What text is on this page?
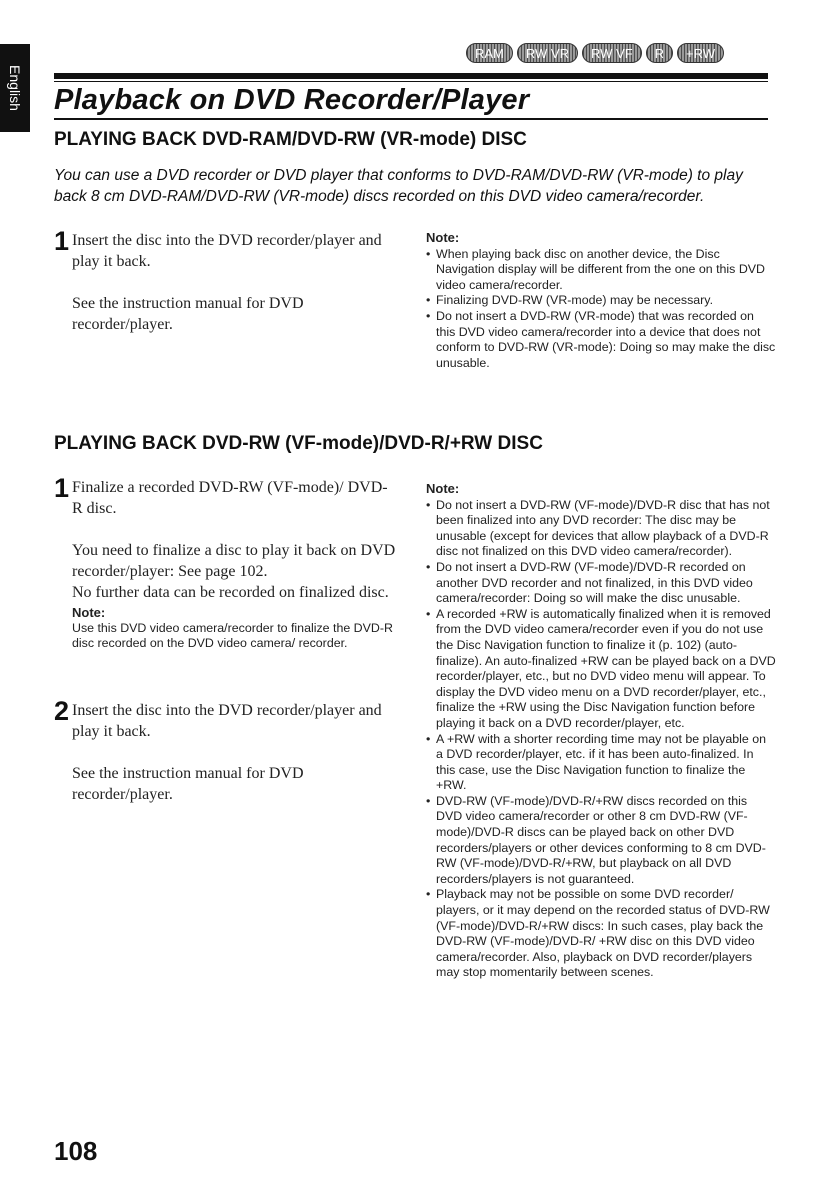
English
RAM	RW VR	RW VF	R	+RW
Playback on DVD Recorder/Player
PLAYING BACK DVD-RAM/DVD-RW (VR-mode) DISC

You can use a DVD recorder or DVD player that conforms to DVD-RAM/DVD-RW (VR-mode) to play back 8 cm DVD-RAM/DVD-RW (VR-mode) discs recorded on this DVD video camera/recorder.

1 Insert the disc into the DVD recorder/player and play it back.

See the instruction manual for DVD recorder/player.

Note:

• When playing back disc on another device, the Disc Navigation display will be different from the one on this DVD video camera/recorder.
• Finalizing DVD-RW (VR-mode) may be necessary.
• Do not insert a DVD-RW (VR-mode) that was recorded on this DVD video camera/recorder into a device that does not conform to DVD-RW (VR-mode): Doing so may make the disc unusable.
PLAYING BACK DVD-RW (VF-mode)/DVD-R/+RW DISC
1 Finalize a recorded DVD-RW (VF-mode)/ DVD-R disc.

You need to finalize a disc to play it back on DVD recorder/player: See page 102.

No further data can be recorded on finalized disc.

Note:
Use this DVD video camera/recorder to finalize the DVD-R disc recorded on the DVD video camera/ recorder.
2 Insert the disc into the DVD recorder/player and play it back.

See the instruction manual for DVD recorder/player.

Note:

• Do not insert a DVD-RW (VF-mode)/DVD-R disc that has not been finalized into any DVD recorder: The disc may be unusable (except for devices that allow playback of a DVD-R disc not finalized on this DVD video camera/recorder).
• Do not insert a DVD-RW (VF-mode)/DVD-R recorded on another DVD recorder and not finalized, in this DVD video camera/recorder: Doing so will make the disc unusable.
• A recorded +RW is automatically finalized when it is removed from the DVD video camera/recorder even if you do not use the Disc Navigation function to finalize it (p. 102) (auto-finalize). An auto-finalized +RW can be played back on a DVD recorder/player, etc., but no DVD video menu will appear. To display the DVD video menu on a DVD recorder/player, etc., finalize the +RW using the Disc Navigation function before playing it back on a DVD recorder/player, etc.
• A +RW with a shorter recording time may not be playable on a DVD recorder/player, etc. if it has been auto-finalized. In this case, use the Disc Navigation function to finalize the +RW.
• DVD-RW (VF-mode)/DVD-R/+RW discs recorded on this DVD video camera/recorder or other 8 cm DVD-RW (VF-mode)/DVD-R discs can be played back on other DVD recorders/players or other devices conforming to 8 cm DVD-RW (VF-mode)/DVD-R/+RW, but playback on all DVD recorders/players is not guaranteed.
• Playback may not be possible on some DVD recorder/ players, or it may depend on the recorded status of DVD-RW (VF-mode)/DVD-R/+RW discs: In such cases, play back the DVD-RW (VF-mode)/DVD-R/ +RW disc on this DVD video camera/recorder. Also, playback on DVD recorder/players may stop momentarily between scenes.

108
